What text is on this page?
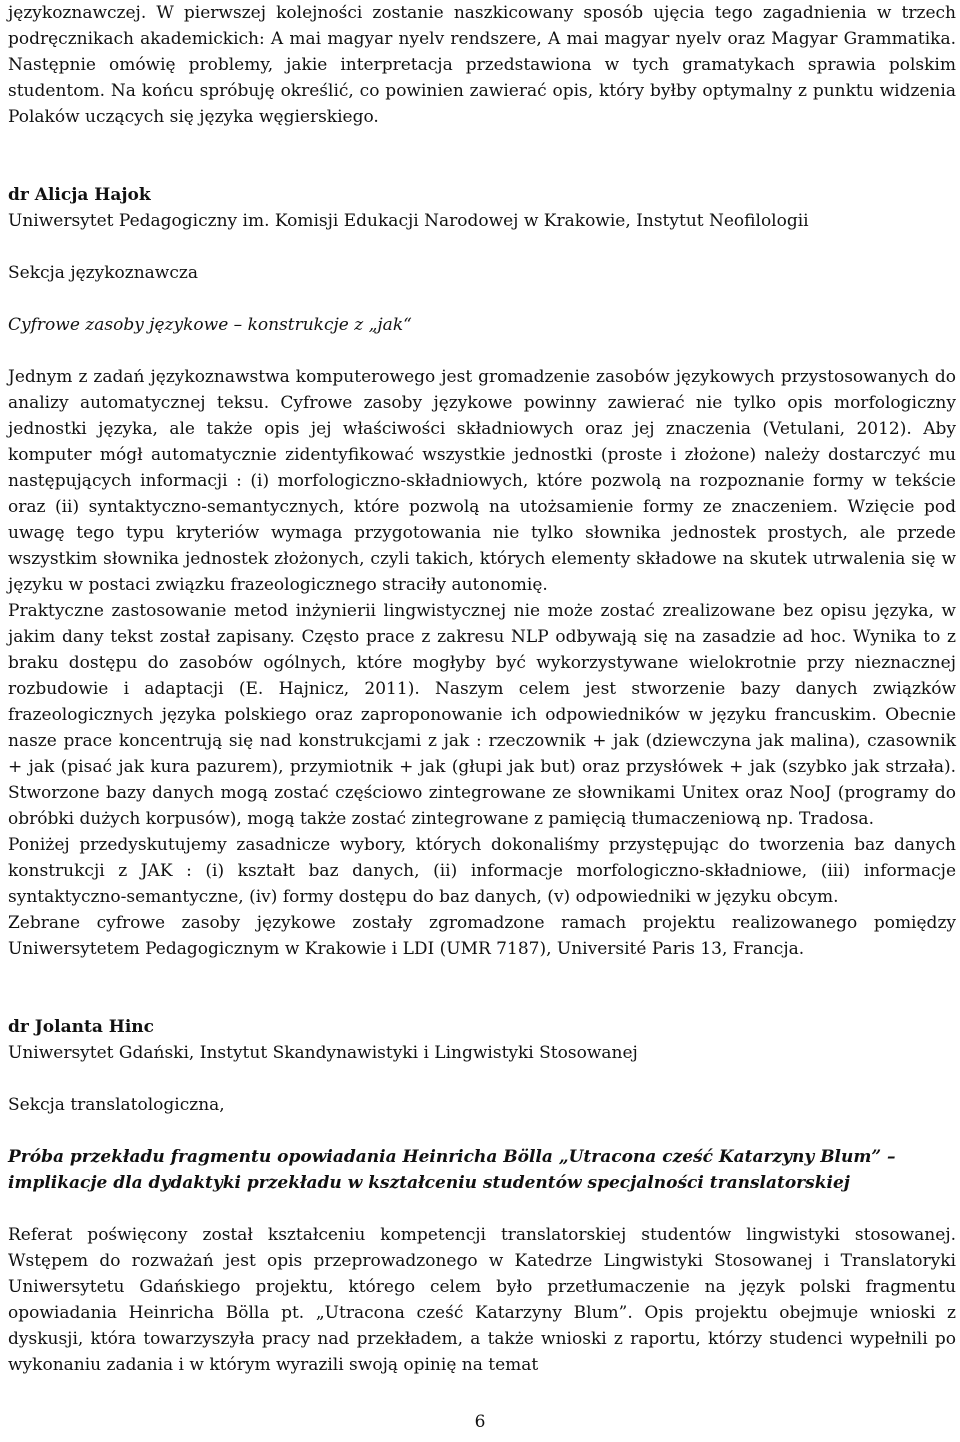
językoznawczej. W pierwszej kolejności zostanie naszkicowany sposób ujęcia tego zagadnienia w trzech podręcznikach akademickich: A mai magyar nyelv rendszere, A mai magyar nyelv oraz Magyar Grammatika. Następnie omówię problemy, jakie interpretacja przedstawiona w tych gramatykach sprawia polskim studentom. Na końcu spróbuję określić, co powinien zawierać opis, który byłby optymalny z punktu widzenia Polaków uczących się języka węgierskiego.

dr Alicja Hajok

Uniwersytet Pedagogiczny im. Komisji Edukacji Narodowej w Krakowie, Instytut Neofilologii

Sekcja językoznawcza

Cyfrowe zasoby językowe – konstrukcje z „jak“

Jednym z zadań językoznawstwa komputerowego jest gromadzenie zasobów językowych przystosowanych do analizy automatycznej teksu. Cyfrowe zasoby językowe powinny zawierać nie tylko opis morfologiczny jednostki języka, ale także opis jej właściwości składniowych oraz jej znaczenia (Vetulani, 2012). Aby komputer mógł automatycznie zidentyfikować wszystkie jednostki (proste i złożone) należy dostarczyć mu następujących informacji : (i) morfologiczno-składniowych, które pozwolą na rozpoznanie formy w tekście oraz (ii) syntaktyczno-semantycznych, które pozwolą na utożsamienie formy ze znaczeniem. Wzięcie pod uwagę tego typu kryteriów wymaga przygotowania nie tylko słownika jednostek prostych, ale przede wszystkim słownika jednostek złożonych, czyli takich, których elementy składowe na skutek utrwalenia się w języku w postaci związku frazeologicznego straciły autonomię.

Praktyczne zastosowanie metod inżynierii lingwistycznej nie może zostać zrealizowane bez opisu języka, w jakim dany tekst został zapisany. Często prace z zakresu NLP odbywają się na zasadzie ad hoc. Wynika to z braku dostępu do zasobów ogólnych, które mogłyby być wykorzystywane wielokrotnie przy nieznacznej rozbudowie i adaptacji (E. Hajnicz, 2011). Naszym celem jest stworzenie bazy danych związków frazeologicznych języka polskiego oraz zaproponowanie ich odpowiedników w języku francuskim. Obecnie nasze prace koncentrują się nad konstrukcjami z jak : rzeczownik + jak (dziewczyna jak malina), czasownik + jak (pisać jak kura pazurem), przymiotnik + jak (głupi jak but) oraz przysłówek + jak (szybko jak strzała). Stworzone bazy danych mogą zostać częściowo zintegrowane ze słownikami Unitex oraz NooJ (programy do obróbki dużych korpusów), mogą także zostać zintegrowane z pamięcią tłumaczeniową np. Tradosa.

Poniżej przedyskutujemy zasadnicze wybory, których dokonaliśmy przystępując do tworzenia baz danych konstrukcji z JAK : (i) kształt baz danych, (ii) informacje morfologiczno-składniowe, (iii) informacje syntaktyczno-semantyczne, (iv) formy dostępu do baz danych, (v) odpowiedniki w języku obcym.

Zebrane cyfrowe zasoby językowe zostały zgromadzone ramach projektu realizowanego pomiędzy Uniwersytetem Pedagogicznym w Krakowie i LDI (UMR 7187), Université Paris 13, Francja.

dr Jolanta Hinc

Uniwersytet Gdański, Instytut Skandynawistyki i Lingwistyki Stosowanej

Sekcja translatologiczna,

Próba przekładu fragmentu opowiadania Heinricha Bölla „Utracona cześć Katarzyny Blum” – implikacje dla dydaktyki przekładu w kształceniu studentów specjalności translatorskiej

Referat poświęcony został kształceniu kompetencji translatorskiej studentów lingwistyki stosowanej. Wstępem do rozważań jest opis przeprowadzonego w Katedrze Lingwistyki Stosowanej i Translatoryki Uniwersytetu Gdańskiego projektu, którego celem było przetłumaczenie na język polski fragmentu opowiadania Heinricha Bölla pt. „Utracona cześć Katarzyny Blum”. Opis projektu obejmuje wnioski z dyskusji, która towarzyszyła pracy nad przekładem, a także wnioski z raportu, którzy studenci wypełnili po wykonaniu zadania i w którym wyrazili swoją opinię na temat

6
